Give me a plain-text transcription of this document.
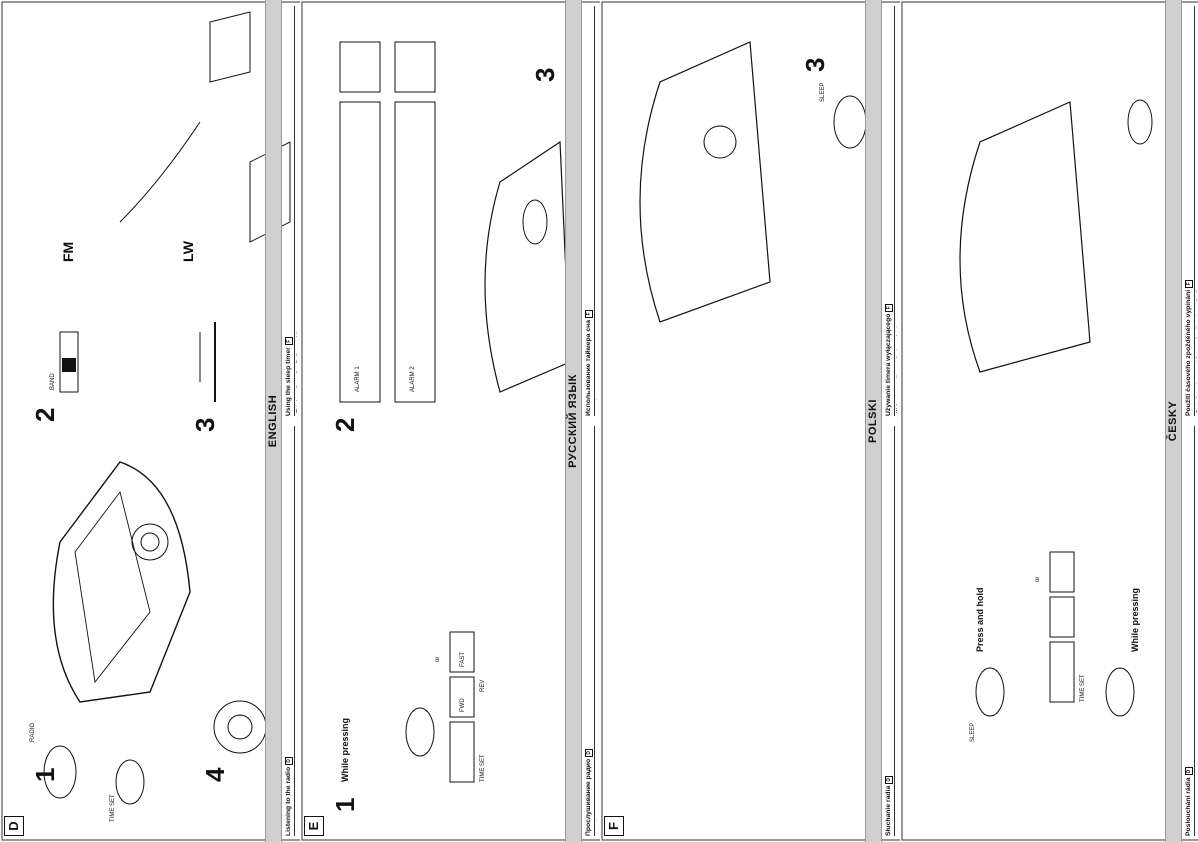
D
1
2
3
4
RADIO
TIME SET
BAND
FM	LW
ENGLISH
Listening to the radioD
Using the sleep timerF
E
1
2
3
While pressing
or
TIME SET
FWD
FAST
REV
ALARM 1	ALARM 2	РУССКИЙ ЯЗЫК
Прослушивание радиоD
Использование таймера снаF
F
3
SLEEP
POLSKI
Słuchanie radiaD
Używanie timera wyłączającegoF
Press and hold	While pressing
or
TIME SET
SLEEP
ČESKY
Poslouchání rádiaD
Použití časového zpožděného vypínáníF
